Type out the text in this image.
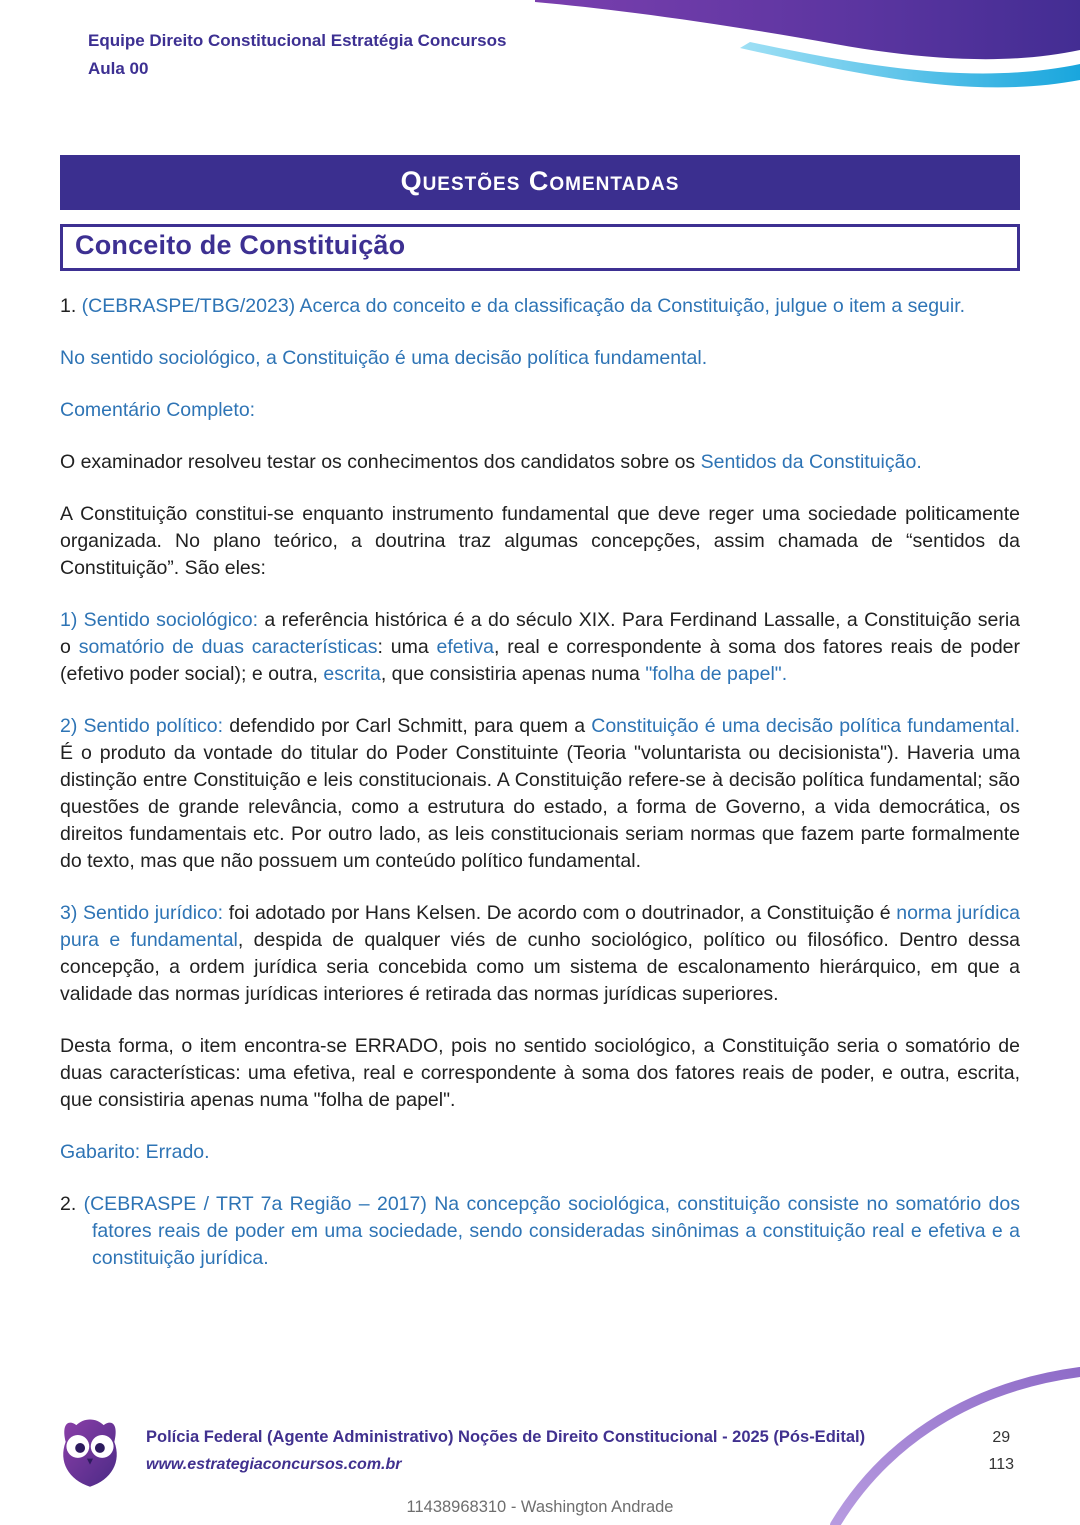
Equipe Direito Constitucional Estratégia Concursos
Aula 00
Questões Comentadas
Conceito de Constituição

1. (CEBRASPE/TBG/2023) Acerca do conceito e da classificação da Constituição, julgue o item a seguir.

No sentido sociológico, a Constituição é uma decisão política fundamental.

Comentário Completo:

O examinador resolveu testar os conhecimentos dos candidatos sobre os Sentidos da Constituição.

A Constituição constitui-se enquanto instrumento fundamental que deve reger uma sociedade politicamente organizada. No plano teórico, a doutrina traz algumas concepções, assim chamada de “sentidos da Constituição”. São eles:

1) Sentido sociológico: a referência histórica é a do século XIX. Para Ferdinand Lassalle, a Constituição seria o somatório de duas características: uma efetiva, real e correspondente à soma dos fatores reais de poder (efetivo poder social); e outra, escrita, que consistiria apenas numa "folha de papel".

2) Sentido político: defendido por Carl Schmitt, para quem a Constituição é uma decisão política fundamental. É o produto da vontade do titular do Poder Constituinte (Teoria "voluntarista ou decisionista"). Haveria uma distinção entre Constituição e leis constitucionais. A Constituição refere-se à decisão política fundamental; são questões de grande relevância, como a estrutura do estado, a forma de Governo, a vida democrática, os direitos fundamentais etc. Por outro lado, as leis constitucionais seriam normas que fazem parte formalmente do texto, mas que não possuem um conteúdo político fundamental.

3) Sentido jurídico: foi adotado por Hans Kelsen. De acordo com o doutrinador, a Constituição é norma jurídica pura e fundamental, despida de qualquer viés de cunho sociológico, político ou filosófico. Dentro dessa concepção, a ordem jurídica seria concebida como um sistema de escalonamento hierárquico, em que a validade das normas jurídicas interiores é retirada das normas jurídicas superiores.

Desta forma, o item encontra-se ERRADO, pois no sentido sociológico, a Constituição seria o somatório de duas características: uma efetiva, real e correspondente à soma dos fatores reais de poder, e outra, escrita, que consistiria apenas numa "folha de papel".

Gabarito: Errado.

2. (CEBRASPE / TRT 7a Região – 2017) Na concepção sociológica, constituição consiste no somatório dos fatores reais de poder em uma sociedade, sendo consideradas sinônimas a constituição real e efetiva e a constituição jurídica.

Polícia Federal (Agente Administrativo) Noções de Direito Constitucional - 2025 (Pós-Edital)
www.estrategiaconcursos.com.br
29
113
11438968310 - Washington Andrade
